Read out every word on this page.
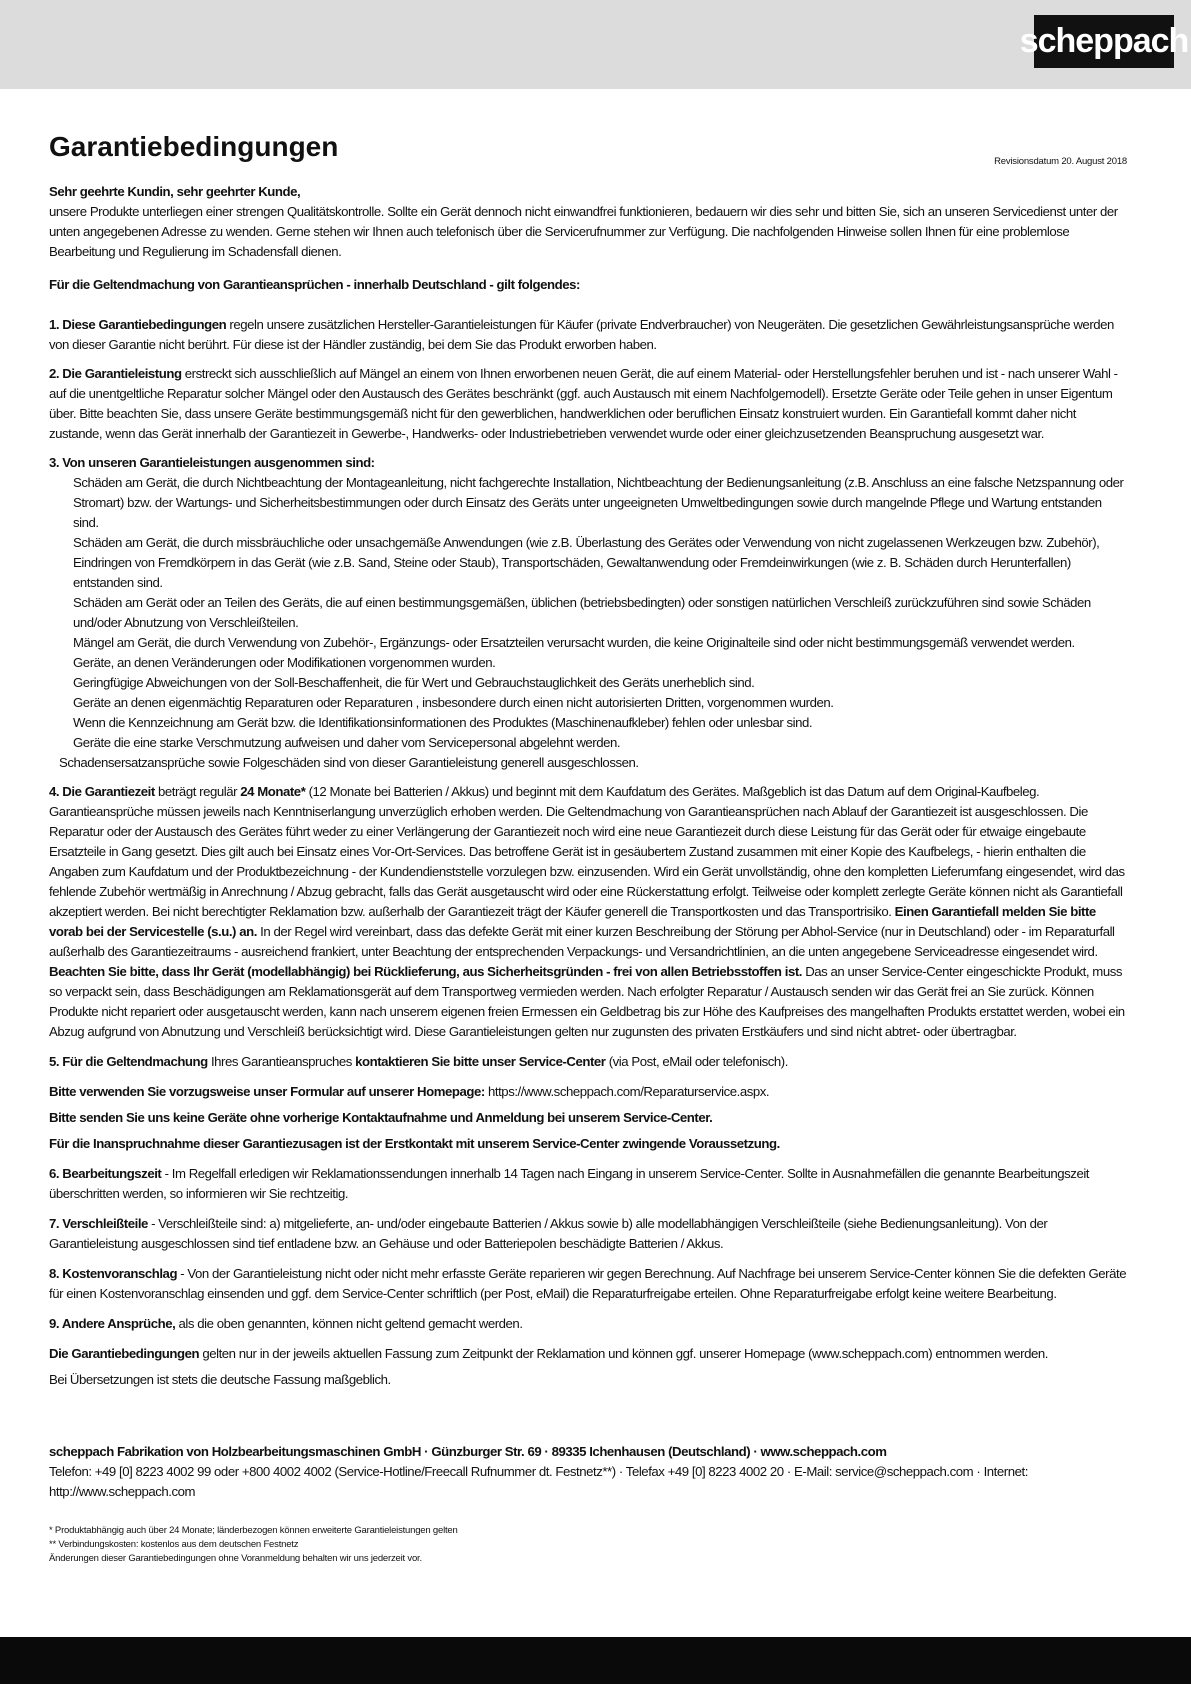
scheppach
Garantiebedingungen	Revisionsdatum 20. August 2018

Sehr geehrte Kundin, sehr geehrter Kunde,

unsere Produkte unterliegen einer strengen Qualitätskontrolle. Sollte ein Gerät dennoch nicht einwandfrei funktionieren, bedauern wir dies sehr und bitten Sie, sich an unseren Servicedienst unter der unten angegebenen Adresse zu wenden. Gerne stehen wir Ihnen auch telefonisch über die Servicerufnummer zur Verfügung. Die nachfolgenden Hinweise sollen Ihnen für eine problemlose Bearbeitung und Regulierung im Schadensfall dienen.

Für die Geltendmachung von Garantieansprüchen - innerhalb Deutschland - gilt folgendes:

1. Diese Garantiebedingungen regeln unsere zusätzlichen Hersteller-Garantieleistungen für Käufer (private Endverbraucher) von Neugeräten. Die gesetzlichen Gewährleistungsansprüche werden von dieser Garantie nicht berührt. Für diese ist der Händler zuständig, bei dem Sie das Produkt erworben haben.

2. Die Garantieleistung erstreckt sich ausschließlich auf Mängel an einem von Ihnen erworbenen neuen Gerät, die auf einem Material- oder Herstellungsfehler beruhen und ist - nach unserer Wahl - auf die unentgeltliche Reparatur solcher Mängel oder den Austausch des Gerätes beschränkt (ggf. auch Austausch mit einem Nachfolgemodell). Ersetzte Geräte oder Teile gehen in unser Eigentum über. Bitte beachten Sie, dass unsere Geräte bestimmungsgemäß nicht für den gewerblichen, handwerklichen oder beruflichen Einsatz konstruiert wurden. Ein Garantiefall kommt daher nicht zustande, wenn das Gerät innerhalb der Garantiezeit in Gewerbe-, Handwerks- oder Industriebetrieben verwendet wurde oder einer gleichzusetzenden Beanspruchung ausgesetzt war.

3. Von unseren Garantieleistungen ausgenommen sind:

Schäden am Gerät, die durch Nichtbeachtung der Montageanleitung, nicht fachgerechte Installation, Nichtbeachtung der Bedienungsanleitung (z.B. Anschluss an eine falsche Netzspannung oder Stromart) bzw. der Wartungs- und Sicherheitsbestimmungen oder durch Einsatz des Geräts unter ungeeigneten Umweltbedingungen sowie durch mangelnde Pflege und Wartung entstanden sind.
Schäden am Gerät, die durch missbräuchliche oder unsachgemäße Anwendungen (wie z.B. Überlastung des Gerätes oder Verwendung von nicht zugelassenen Werkzeugen bzw. Zubehör), Eindringen von Fremdkörpern in das Gerät (wie z.B. Sand, Steine oder Staub), Transportschäden, Gewaltanwendung oder Fremdeinwirkungen (wie z. B. Schäden durch Herunterfallen) entstanden sind.
Schäden am Gerät oder an Teilen des Geräts, die auf einen bestimmungsgemäßen, üblichen (betriebsbedingten) oder sonstigen natürlichen Verschleiß zurückzuführen sind sowie Schäden und/oder Abnutzung von Verschleißteilen.
Mängel am Gerät, die durch Verwendung von Zubehör-, Ergänzungs- oder Ersatzteilen verursacht wurden, die keine Originalteile sind oder nicht bestimmungsgemäß verwendet werden.
Geräte, an denen Veränderungen oder Modifikationen vorgenommen wurden.
Geringfügige Abweichungen von der Soll-Beschaffenheit, die für Wert und Gebrauchstauglichkeit des Geräts unerheblich sind.
Geräte an denen eigenmächtig Reparaturen oder Reparaturen , insbesondere durch einen nicht autorisierten Dritten, vorgenommen wurden.
Wenn die Kennzeichnung am Gerät bzw. die Identifikationsinformationen des Produktes (Maschinenaufkleber) fehlen oder unlesbar sind.
Geräte die eine starke Verschmutzung aufweisen und daher vom Servicepersonal abgelehnt werden.

Schadensersatzansprüche sowie Folgeschäden sind von dieser Garantieleistung generell ausgeschlossen.

4. Die Garantiezeit beträgt regulär 24 Monate* (12 Monate bei Batterien / Akkus) und beginnt mit dem Kaufdatum des Gerätes. Maßgeblich ist das Datum auf dem Original-Kaufbeleg. Garantieansprüche müssen jeweils nach Kenntniserlangung unverzüglich erhoben werden. Die Geltendmachung von Garantieansprüchen nach Ablauf der Garantiezeit ist ausgeschlossen. Die Reparatur oder der Austausch des Gerätes führt weder zu einer Verlängerung der Garantiezeit noch wird eine neue Garantiezeit durch diese Leistung für das Gerät oder für etwaige eingebaute Ersatzteile in Gang gesetzt. Dies gilt auch bei Einsatz eines Vor-Ort-Services. Das betroffene Gerät ist in gesäubertem Zustand zusammen mit einer Kopie des Kaufbelegs, - hierin enthalten die Angaben zum Kaufdatum und der Produktbezeichnung - der Kundendienststelle vorzulegen bzw. einzusenden. Wird ein Gerät unvollständig, ohne den kompletten Lieferumfang eingesendet, wird das fehlende Zubehör wertmäßig in Anrechnung / Abzug gebracht, falls das Gerät ausgetauscht wird oder eine Rückerstattung erfolgt. Teilweise oder komplett zerlegte Geräte können nicht als Garantiefall akzeptiert werden. Bei nicht berechtigter Reklamation bzw. außerhalb der Garantiezeit trägt der Käufer generell die Transportkosten und das Transportrisiko. Einen Garantiefall melden Sie bitte vorab bei der Servicestelle (s.u.) an. In der Regel wird vereinbart, dass das defekte Gerät mit einer kurzen Beschreibung der Störung per Abhol-Service (nur in Deutschland) oder - im Reparaturfall außerhalb des Garantiezeitraums - ausreichend frankiert, unter Beachtung der entsprechenden Verpackungs- und Versandrichtlinien, an die unten angegebene Serviceadresse eingesendet wird. Beachten Sie bitte, dass Ihr Gerät (modellabhängig) bei Rücklieferung, aus Sicherheitsgründen - frei von allen Betriebsstoffen ist. Das an unser Service-Center eingeschickte Produkt, muss so verpackt sein, dass Beschädigungen am Reklamationsgerät auf dem Transportweg vermieden werden. Nach erfolgter Reparatur / Austausch senden wir das Gerät frei an Sie zurück. Können Produkte nicht repariert oder ausgetauscht werden, kann nach unserem eigenen freien Ermessen ein Geldbetrag bis zur Höhe des Kaufpreises des mangelhaften Produkts erstattet werden, wobei ein Abzug aufgrund von Abnutzung und Verschleiß berücksichtigt wird. Diese Garantieleistungen gelten nur zugunsten des privaten Erstkäufers und sind nicht abtret- oder übertragbar.

5. Für die Geltendmachung Ihres Garantieanspruches kontaktieren Sie bitte unser Service-Center (via Post, eMail oder telefonisch).

Bitte verwenden Sie vorzugsweise unser Formular auf unserer Homepage: https://www.scheppach.com/Reparaturservice.aspx.

Bitte senden Sie uns keine Geräte ohne vorherige Kontaktaufnahme und Anmeldung bei unserem Service-Center.

Für die Inanspruchnahme dieser Garantiezusagen ist der Erstkontakt mit unserem Service-Center zwingende Voraussetzung.

6. Bearbeitungszeit - Im Regelfall erledigen wir Reklamationssendungen innerhalb 14 Tagen nach Eingang in unserem Service-Center. Sollte in Ausnahmefällen die genannte Bearbeitungszeit überschritten werden, so informieren wir Sie rechtzeitig.

7. Verschleißteile - Verschleißteile sind: a) mitgelieferte, an- und/oder eingebaute Batterien / Akkus sowie b) alle modellabhängigen Verschleißteile (siehe Bedienungsanleitung). Von der Garantieleistung ausgeschlossen sind tief entladene bzw. an Gehäuse und oder Batteriepolen beschädigte Batterien / Akkus.

8. Kostenvoranschlag - Von der Garantieleistung nicht oder nicht mehr erfasste Geräte reparieren wir gegen Berechnung. Auf Nachfrage bei unserem Service-Center können Sie die defekten Geräte für einen Kostenvoranschlag einsenden und ggf. dem Service-Center schriftlich (per Post, eMail) die Reparaturfreigabe erteilen. Ohne Reparaturfreigabe erfolgt keine weitere Bearbeitung.

9. Andere Ansprüche, als die oben genannten, können nicht geltend gemacht werden.

Die Garantiebedingungen gelten nur in der jeweils aktuellen Fassung zum Zeitpunkt der Reklamation und können ggf. unserer Homepage (www.scheppach.com) entnommen werden.

Bei Übersetzungen ist stets die deutsche Fassung maßgeblich.

scheppach Fabrikation von Holzbearbeitungsmaschinen GmbH · Günzburger Str. 69 · 89335 Ichenhausen (Deutschland) · www.scheppach.com

Telefon: +49 [0] 8223 4002 99 oder +800 4002 4002 (Service-Hotline/Freecall Rufnummer dt. Festnetz**) · Telefax +49 [0] 8223 4002 20 · E-Mail: service@scheppach.com · Internet: http://www.scheppach.com

* Produktabhängig auch über 24 Monate; länderbezogen können erweiterte Garantieleistungen gelten

** Verbindungskosten: kostenlos aus dem deutschen Festnetz

Änderungen dieser Garantiebedingungen ohne Voranmeldung behalten wir uns jederzeit vor.
